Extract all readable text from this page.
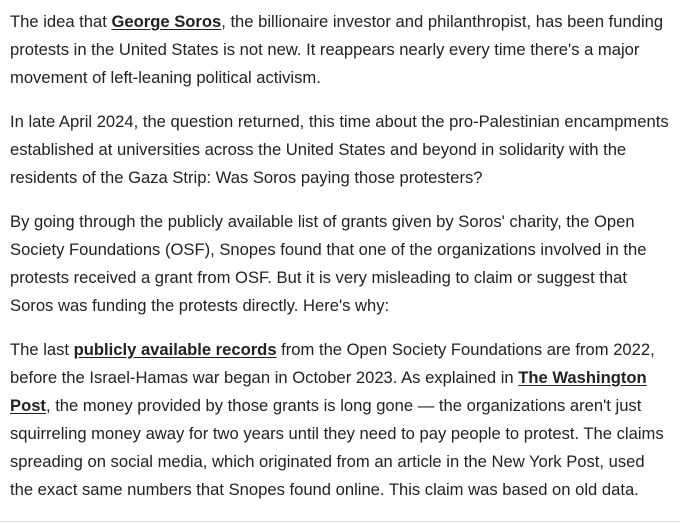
The idea that George Soros, the billionaire investor and philanthropist, has been funding protests in the United States is not new. It reappears nearly every time there's a major movement of left-leaning political activism.

In late April 2024, the question returned, this time about the pro-Palestinian encampments established at universities across the United States and beyond in solidarity with the residents of the Gaza Strip: Was Soros paying those protesters?

By going through the publicly available list of grants given by Soros' charity, the Open Society Foundations (OSF), Snopes found that one of the organizations involved in the protests received a grant from OSF. But it is very misleading to claim or suggest that Soros was funding the protests directly. Here's why:

The last publicly available records from the Open Society Foundations are from 2022, before the Israel-Hamas war began in October 2023. As explained in The Washington Post, the money provided by those grants is long gone — the organizations aren't just squirreling money away for two years until they need to pay people to protest. The claims spreading on social media, which originated from an article in the New York Post, used the exact same numbers that Snopes found online. This claim was based on old data.
